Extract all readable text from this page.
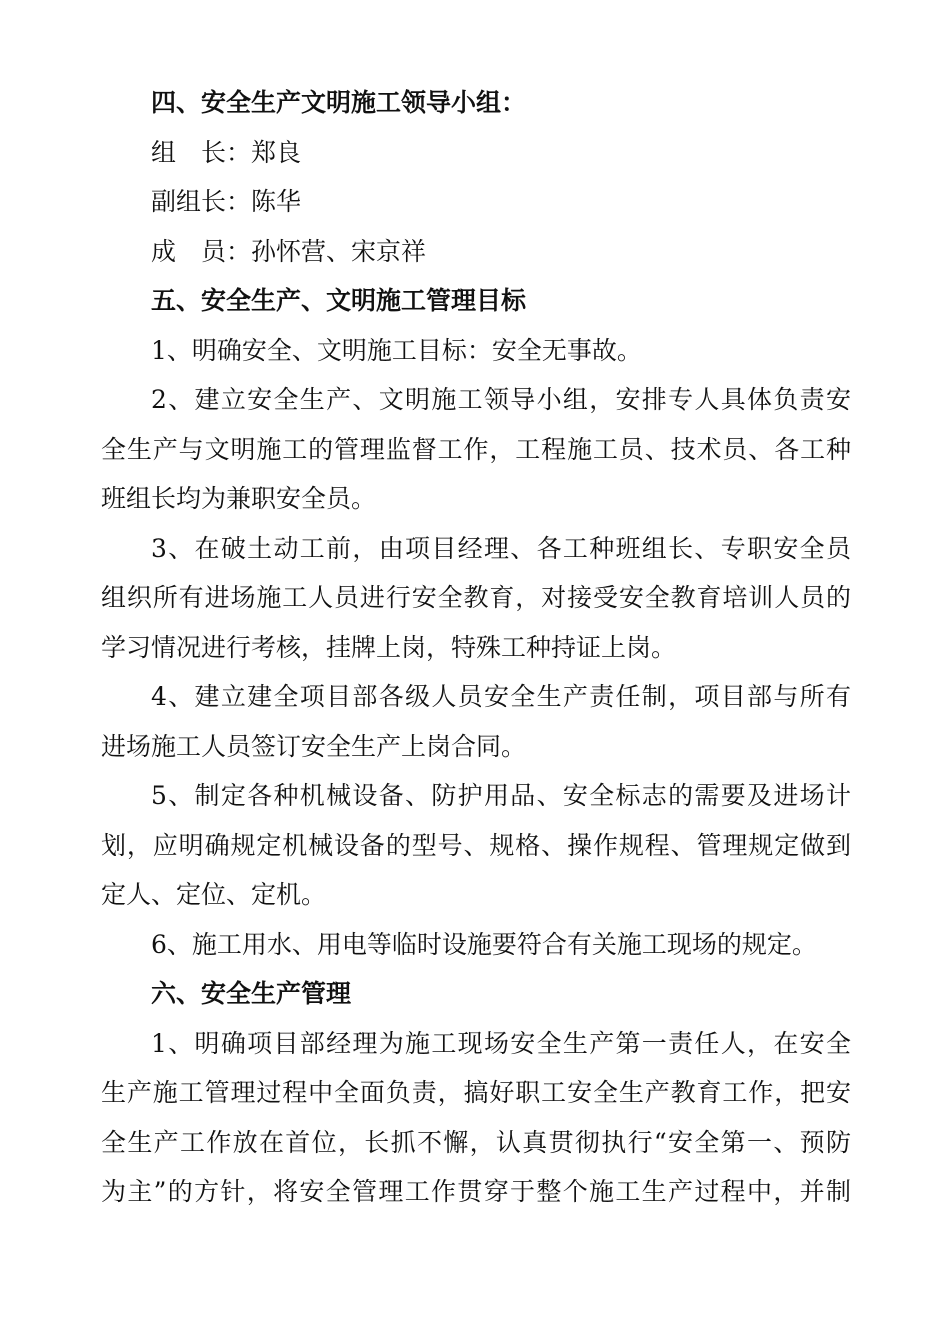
四、安全生产文明施工领导小组：

组　长：郑良

副组长：陈华

成　员：孙怀营、宋京祥

五、安全生产、文明施工管理目标

1、明确安全、文明施工目标：安全无事故。

2、建立安全生产、文明施工领导小组，安排专人具体负责安

全生产与文明施工的管理监督工作，工程施工员、技术员、各工种

班组长均为兼职安全员。

3、在破土动工前，由项目经理、各工种班组长、专职安全员

组织所有进场施工人员进行安全教育，对接受安全教育培训人员的

学习情况进行考核，挂牌上岗，特殊工种持证上岗。

4、建立建全项目部各级人员安全生产责任制，项目部与所有

进场施工人员签订安全生产上岗合同。

5、制定各种机械设备、防护用品、安全标志的需要及进场计

划，应明确规定机械设备的型号、规格、操作规程、管理规定做到

定人、定位、定机。

6、施工用水、用电等临时设施要符合有关施工现场的规定。

六、安全生产管理

1、明确项目部经理为施工现场安全生产第一责任人，在安全

生产施工管理过程中全面负责，搞好职工安全生产教育工作，把安

全生产工作放在首位，长抓不懈，认真贯彻执行“安全第一、预防

为主”的方针，将安全管理工作贯穿于整个施工生产过程中，并制
